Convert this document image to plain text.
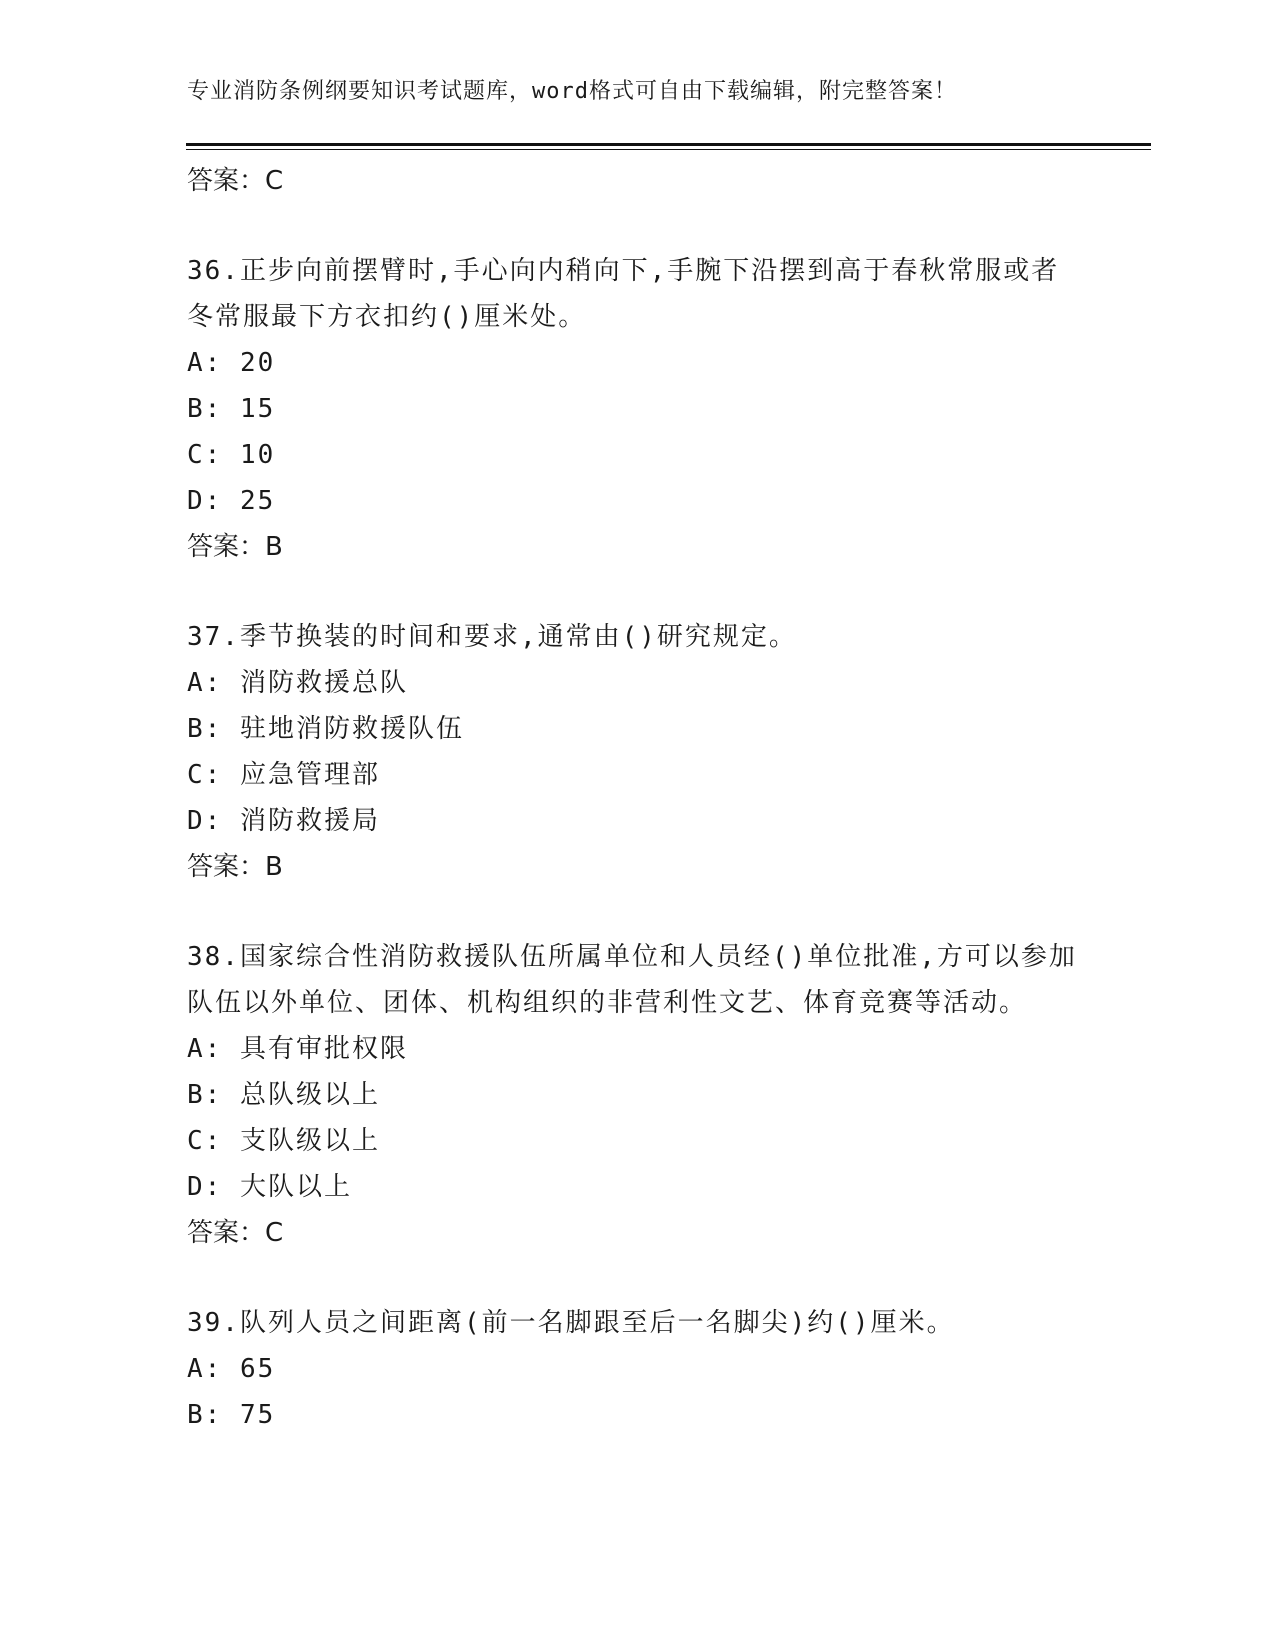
专业消防条例纲要知识考试题库，word格式可自由下载编辑，附完整答案！
答案：C
36.正步向前摆臂时,手心向内稍向下,手腕下沿摆到高于春秋常服或者冬常服最下方衣扣约()厘米处。
A: 20
B: 15
C: 10
D: 25
答案：B
37.季节换装的时间和要求,通常由()研究规定。
A: 消防救援总队
B: 驻地消防救援队伍
C: 应急管理部
D: 消防救援局
答案：B
38.国家综合性消防救援队伍所属单位和人员经()单位批准,方可以参加队伍以外单位、团体、机构组织的非营利性文艺、体育竞赛等活动。
A: 具有审批权限
B: 总队级以上
C: 支队级以上
D: 大队以上
答案：C
39.队列人员之间距离(前一名脚跟至后一名脚尖)约()厘米。
A: 65
B: 75
